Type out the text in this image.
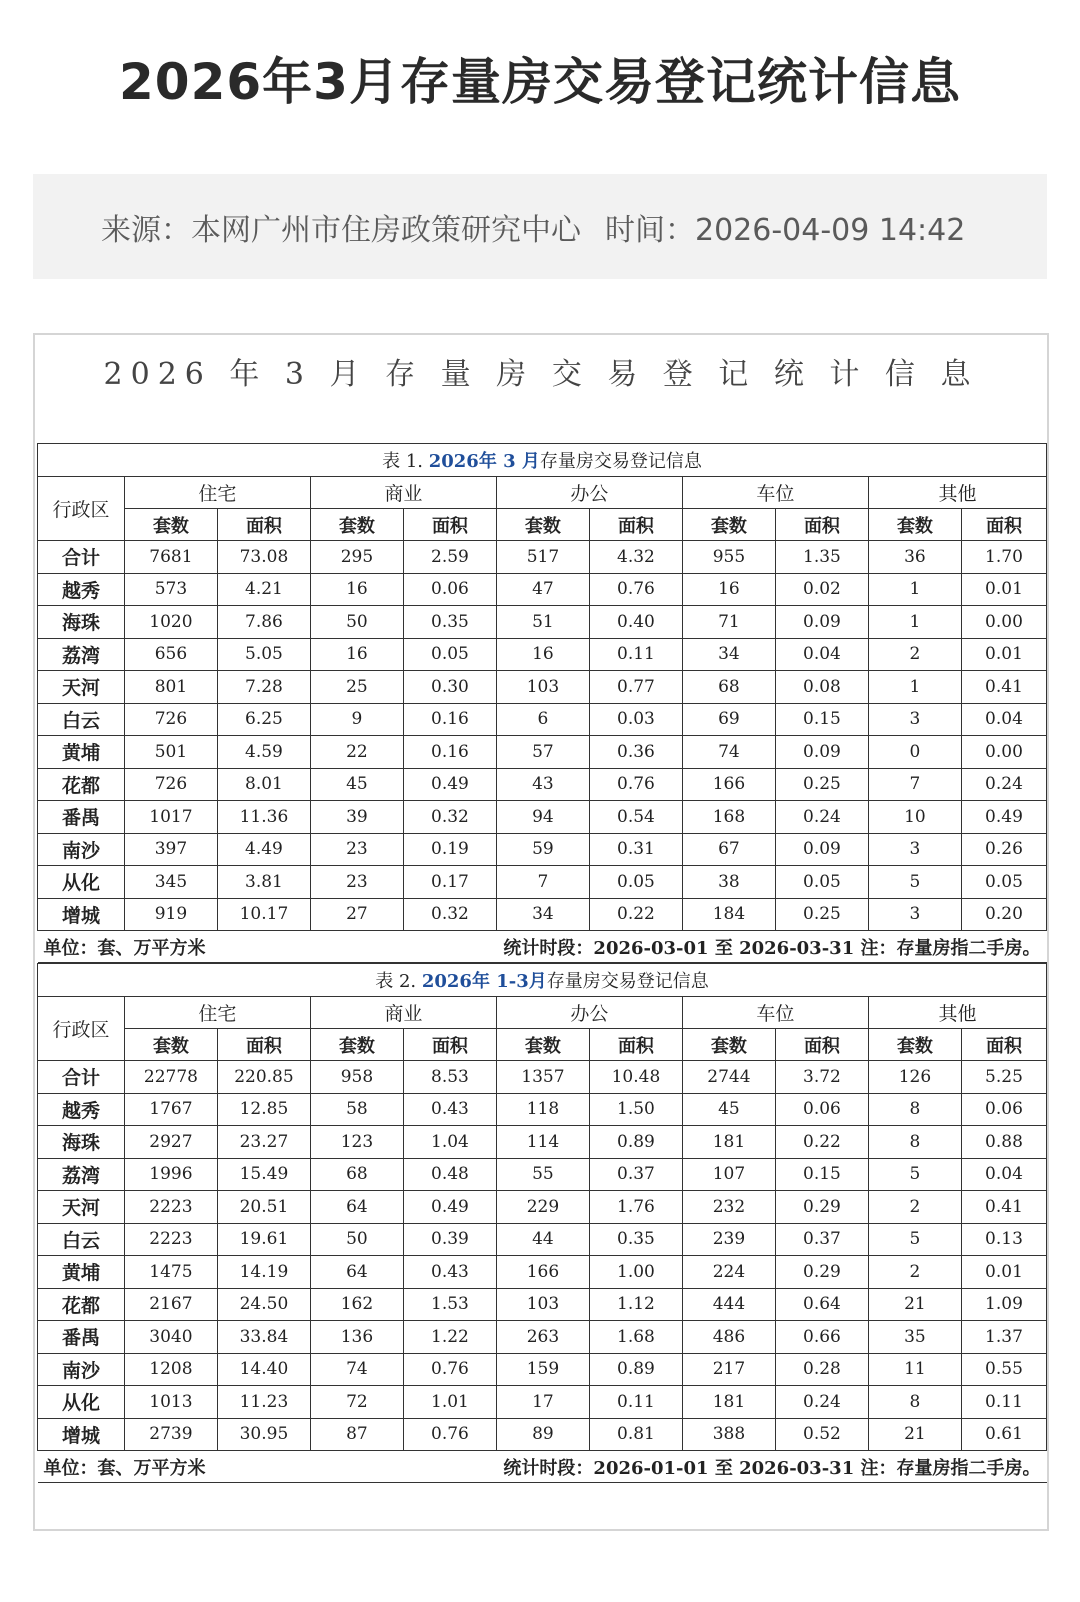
2026年3月存量房交易登记统计信息
来源：本网广州市住房政策研究中心 时间：2026-04-09 14:42
2026 年 3 月 存 量 房 交 易 登 记 统 计 信 息
表 1. 2026年 3 月存量房交易登记信息										
行政区	住宅		商业		办公		车位		其他	
	套数	面积	套数	面积	套数	面积	套数	面积	套数	面积
合计	7681	73.08	295	2.59	517	4.32	955	1.35	36	1.70
越秀	573	4.21	16	0.06	47	0.76	16	0.02	1	0.01
海珠	1020	7.86	50	0.35	51	0.40	71	0.09	1	0.00
荔湾	656	5.05	16	0.05	16	0.11	34	0.04	2	0.01
天河	801	7.28	25	0.30	103	0.77	68	0.08	1	0.41
白云	726	6.25	9	0.16	6	0.03	69	0.15	3	0.04
黄埔	501	4.59	22	0.16	57	0.36	74	0.09	0	0.00
花都	726	8.01	45	0.49	43	0.76	166	0.25	7	0.24
番禺	1017	11.36	39	0.32	94	0.54	168	0.24	10	0.49
南沙	397	4.49	23	0.19	59	0.31	67	0.09	3	0.26
从化	345	3.81	23	0.17	7	0.05	38	0.05	5	0.05
增城	919	10.17	27	0.32	34	0.22	184	0.25	3	0.20

单位：套、万平方米 统计时段：2026-03-01 至 2026-03-31 注：存量房指二手房。										
表 2. 2026年 1-3月存量房交易登记信息										
行政区	住宅		商业		办公		车位		其他	
	套数	面积	套数	面积	套数	面积	套数	面积	套数	面积
合计	22778	220.85	958	8.53	1357	10.48	2744	3.72	126	5.25
越秀	1767	12.85	58	0.43	118	1.50	45	0.06	8	0.06
海珠	2927	23.27	123	1.04	114	0.89	181	0.22	8	0.88
荔湾	1996	15.49	68	0.48	55	0.37	107	0.15	5	0.04
天河	2223	20.51	64	0.49	229	1.76	232	0.29	2	0.41
白云	2223	19.61	50	0.39	44	0.35	239	0.37	5	0.13
黄埔	1475	14.19	64	0.43	166	1.00	224	0.29	2	0.01
花都	2167	24.50	162	1.53	103	1.12	444	0.64	21	1.09
番禺	3040	33.84	136	1.22	263	1.68	486	0.66	35	1.37
南沙	1208	14.40	74	0.76	159	0.89	217	0.28	11	0.55
从化	1013	11.23	72	1.01	17	0.11	181	0.24	8	0.11
增城	2739	30.95	87	0.76	89	0.81	388	0.52	21	0.61

单位：套、万平方米 统计时段：2026-01-01 至 2026-03-31 注：存量房指二手房。										
